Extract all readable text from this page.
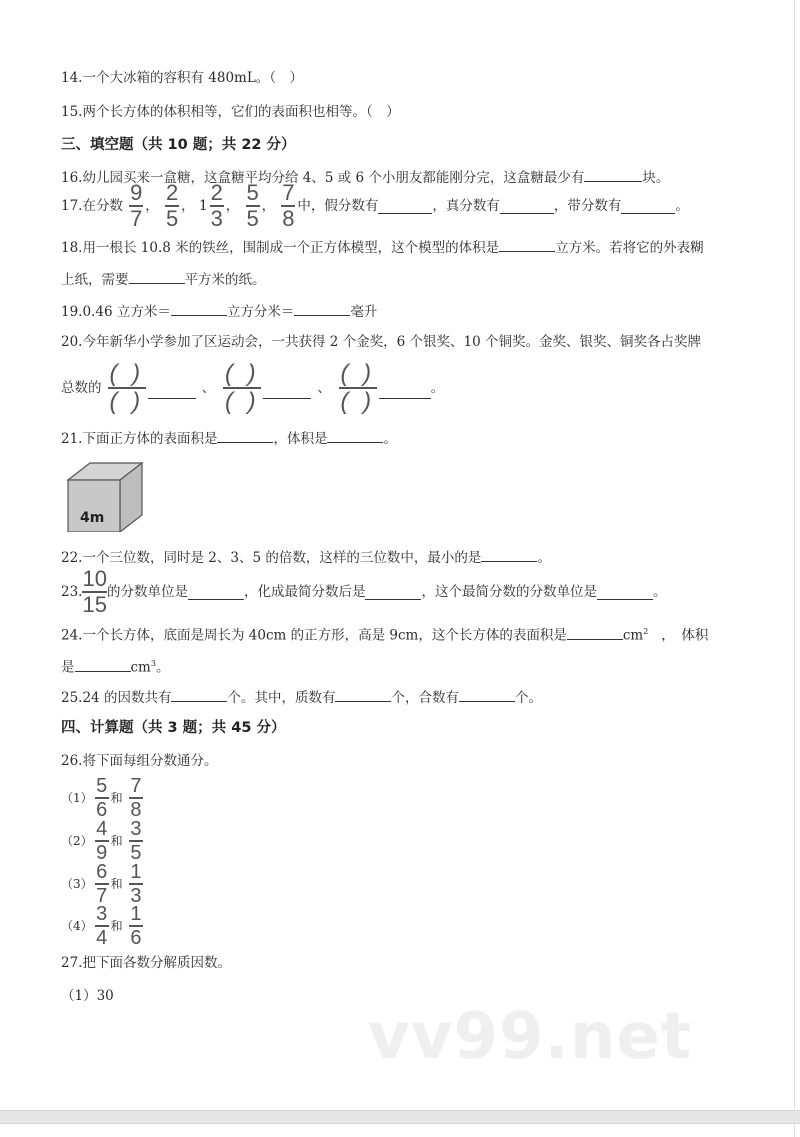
14.一个大冰箱的容积有 480mL。（　）
15.两个长方体的体积相等，它们的表面积也相等。（　）
三、填空题（共 10 题；共 22 分）
16.幼儿园买来一盒糖，这盒糖平均分给 4、5 或 6 个小朋友都能刚分完，这盒糖最少有	块。
17.在分数
$\frac{9}{7}$ ，
$\frac{2}{5}$ ，
$1 \frac{2}{3}$ ，
$\frac{5}{5}$ ，
$\frac{7}{8}$ 中，假分数有	，真分数有	，带分数有	。
18.用一根长 10.8 米的铁丝，围制成一个正方体模型，这个模型的体积是	立方米。若将它的外表糊
上纸，需要	平方米的纸。
19.0.46 立方米＝	立方分米＝	毫升
20.今年新华小学参加了区运动会，一共获得 2 个金奖，6 个银奖、10 个铜奖。金奖、银奖、铜奖各占奖牌
总数的

( )
( )	、
( )
( )	、
( )
( )	。
21.下面正方体的表面积是	，体积是	。
4m
22.一个三位数，同时是 2、3、5 的倍数，这样的三位数中，最小的是	。
23. $\frac{10}{15}$ 的分数单位是	，化成最简分数后是	，这个最简分数的分数单位是	。
24.一个长方体，底面是周长为 40cm 的正方形，高是 9cm，这个长方体的表面积是	$cm^2$ ，　体积
是	$cm^3$。
25.24 的因数共有	个。其中，质数有	个，合数有	个。
四、计算题（共 3 题；共 45 分）
26.将下面每组分数通分。
$(1) \frac{5}{6}$ 和
$\frac{7}{8}$
$(2) \frac{4}{9}$ 和
$\frac{3}{5}$
$(3) \frac{6}{7}$ 和
$\frac{1}{3}$
$(4) \frac{3}{4}$ 和
$\frac{1}{6}$
27.把下面各数分解质因数。
（1）30
vv99.net
